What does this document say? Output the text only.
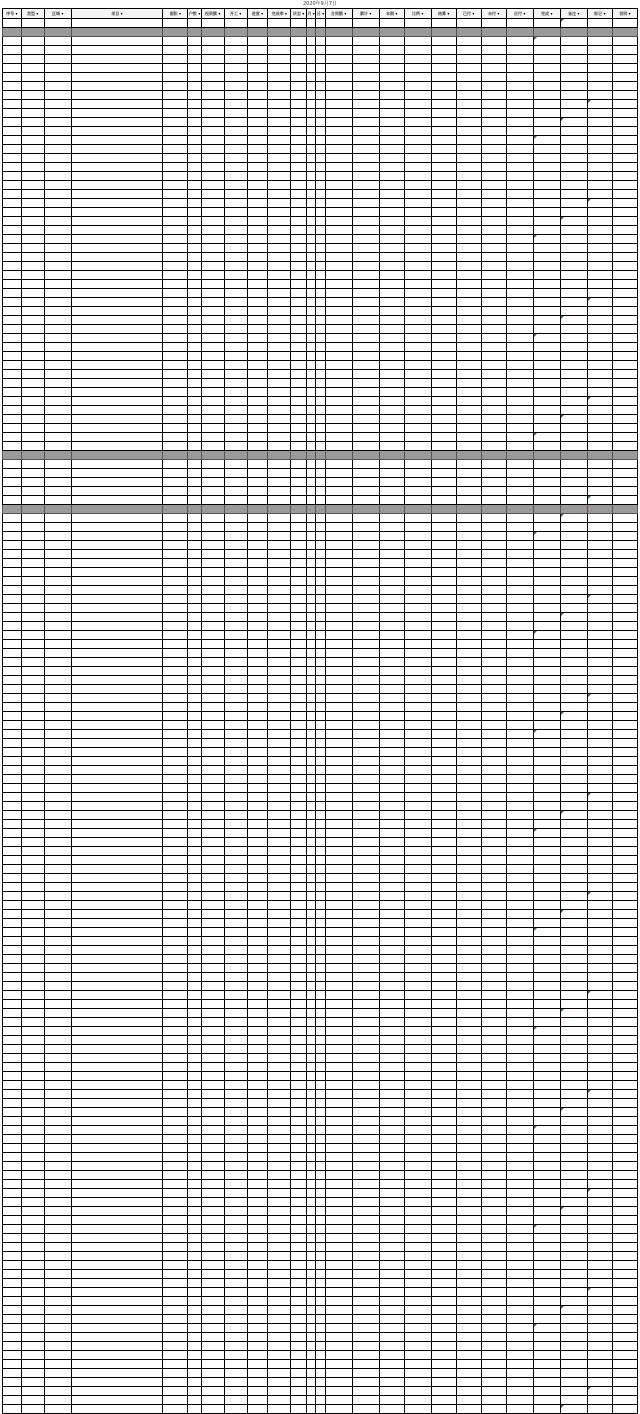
2020年9月7日
序号 ▾	类型 ▾	区域 ▾	项目 ▾	面积 ▾	户数 ▾	投资额 ▾	开工 ▾	进度 ▾	完成率 ▾	状态 ▾	月 ▾	日 ▾	合同额 ▾	累计 ▾	本期 ▾	比例 ▾	结算 ▾	已付 ▾	未付 ▾	应付 ▾	完成 ▾	备注 ▾	标记 ▾	说明 ▾
